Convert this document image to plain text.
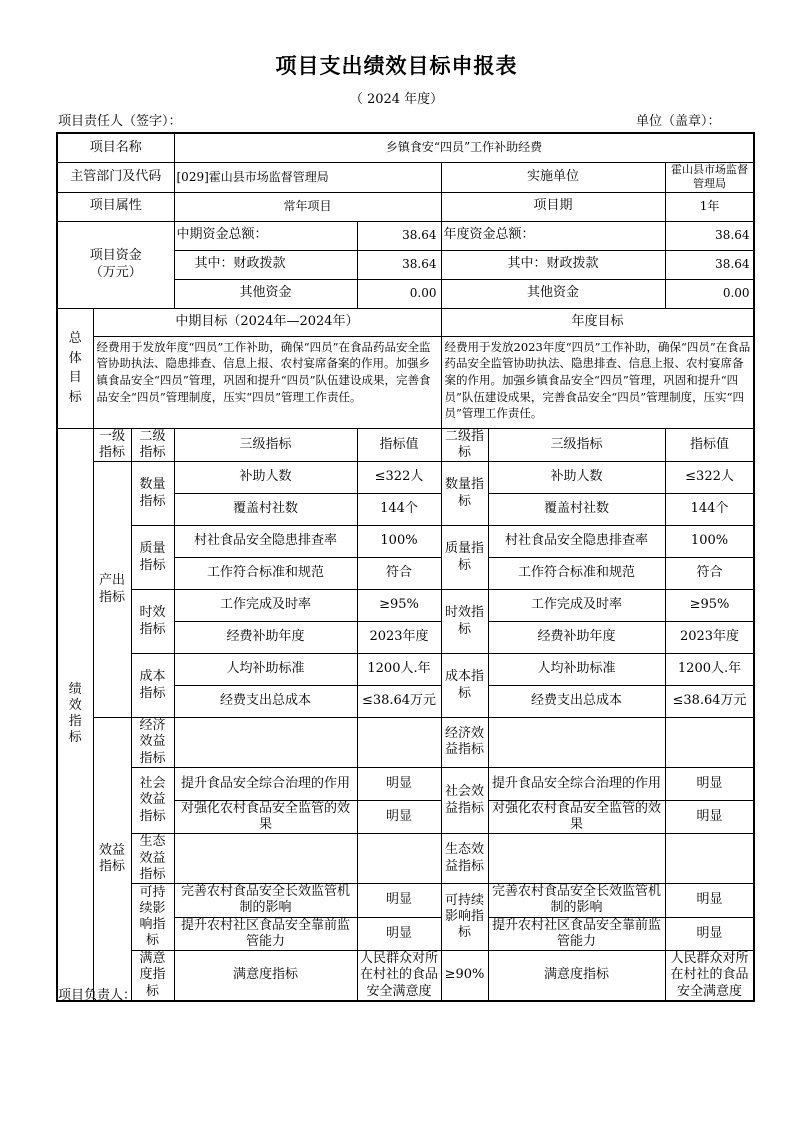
项目支出绩效目标申报表
（ 2024 年度）
项目责任人（签字）：	单位（盖章）：
项目名称			乡镇食安“四员”工作补助经费					
主管部门及代码			[029]霍山县市场监督管理局		实施单位		霍山县市场监督管理局	
项目属性			常年项目		项目期		1年	
项目资金
（万元）			中期资金总额：	38.64	年度资金总额：		38.64	
			其中：财政拨款	38.64	其中：财政拨款		38.64	
			其他资金	0.00	其他资金		0.00	
总
体
目
标	中期目标（2024年—2024年）				年度目标			
	经费用于发放年度“四员”工作补助，确保“四员”在食品药品安全监管协助执法、隐患排查、信息上报、农村宴席备案的作用。加强乡镇食品安全“四员”管理，巩固和提升“四员”队伍建设成果，完善食品安全“四员”管理制度，压实“四员”管理工作责任。				经费用于发放2023年度“四员”工作补助，确保“四员”在食品药品安全监管协助执法、隐患排查、信息上报、农村宴席备案的作用。加强乡镇食品安全“四员”管理，巩固和提升“四员”队伍建设成果，完善食品安全“四员”管理制度，压实“四员”管理工作责任。			
绩效指标	一级指标	二级指标	三级指标	指标值	二级指标	三级指标	指标值	
	产出指标	数量指标	补助人数	≤322人	数量指标	补助人数	≤322人	
			覆盖村社数	144个		覆盖村社数	144个	
		质量指标	村社食品安全隐患排查率	100%	质量指标	村社食品安全隐患排查率	100%	
			工作符合标准和规范	符合		工作符合标准和规范	符合	
		时效指标	工作完成及时率	≥95%	时效指标	工作完成及时率	≥95%	
			经费补助年度	2023年度		经费补助年度	2023年度	
		成本指标	人均补助标准	1200人.年	成本指标	人均补助标准	1200人.年	
			经费支出总成本	≤38.64万元		经费支出总成本	≤38.64万元	
	效益指标	经济效益指标			经济效益指标			
		社会效益指标	提升食品安全综合治理的作用	明显	社会效益指标	提升食品安全综合治理的作用	明显	
			对强化农村食品安全监管的效果	明显		对强化农村食品安全监管的效果	明显	
		生态效益指标			生态效益指标			
		可持续影响指标	完善农村食品安全长效监管机制的影响	明显	可持续影响指标	完善农村食品安全长效监管机制的影响	明显	
			提升农村社区食品安全靠前监管能力	明显		提升农村社区食品安全靠前监管能力	明显	
		满意度指标	满意度指标	人民群众对所在村社的食品安全满意度	≥90%	满意度指标	人民群众对所在村社的食品安全满意度	
项目负责人：
